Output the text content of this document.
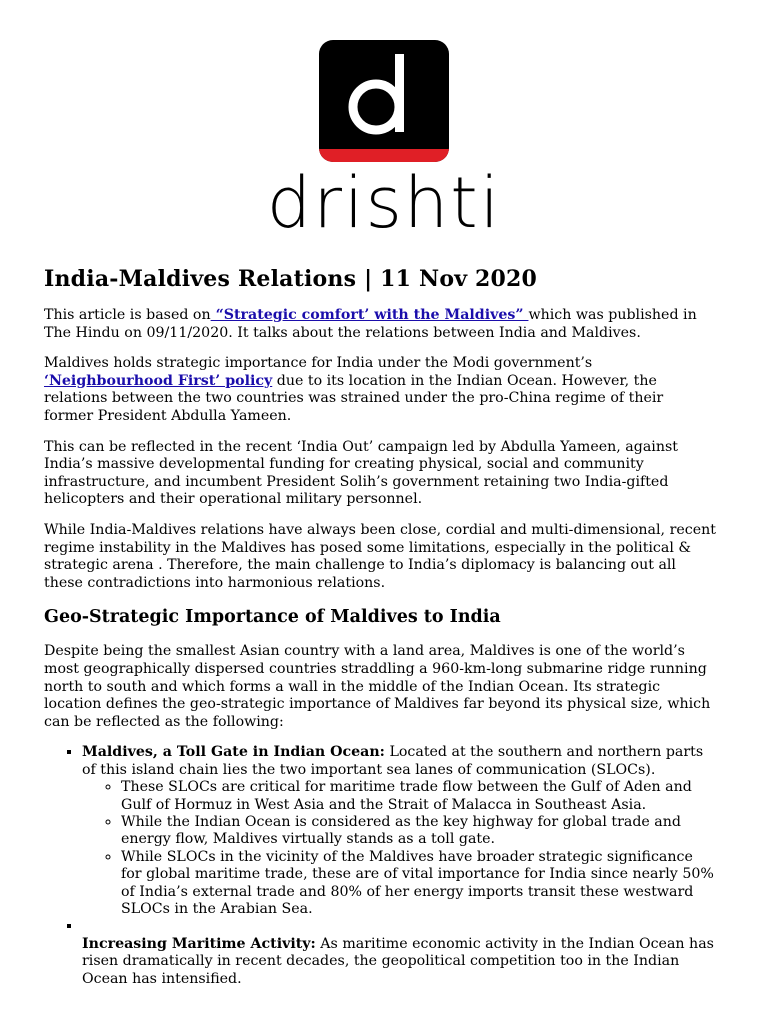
drishti
India-Maldives Relations | 11 Nov 2020

This article is based on “Strategic comfort’ with the Maldives” which was published in The Hindu on 09/11/2020. It talks about the relations between India and Maldives.

Maldives holds strategic importance for India under the Modi government’s ‘Neighbourhood First’ policy due to its location in the Indian Ocean. However, the relations between the two countries was strained under the pro-China regime of their former President Abdulla Yameen.

This can be reflected in the recent ‘India Out’ campaign led by Abdulla Yameen, against India’s massive developmental funding for creating physical, social and community infrastructure, and incumbent President Solih’s government retaining two India-gifted helicopters and their operational military personnel.

While India-Maldives relations have always been close, cordial and multi-dimensional, recent regime instability in the Maldives has posed some limitations, especially in the political & strategic arena . Therefore, the main challenge to India’s diplomacy is balancing out all these contradictions into harmonious relations.

Geo-Strategic Importance of Maldives to India

Despite being the smallest Asian country with a land area, Maldives is one of the world’s most geographically dispersed countries straddling a 960-km-long submarine ridge running north to south and which forms a wall in the middle of the Indian Ocean. Its strategic location defines the geo-strategic importance of Maldives far beyond its physical size, which can be reflected as the following:

▪ Maldives, a Toll Gate in Indian Ocean: Located at the southern and northern parts of this island chain lies the two important sea lanes of communication (SLOCs).
◦ These SLOCs are critical for maritime trade flow between the Gulf of Aden and Gulf of Hormuz in West Asia and the Strait of Malacca in Southeast Asia.
◦ While the Indian Ocean is considered as the key highway for global trade and energy flow, Maldives virtually stands as a toll gate.
◦ While SLOCs in the vicinity of the Maldives have broader strategic significance
for global maritime trade, these are of vital importance for India since nearly 50% of India’s external trade and 80% of her energy imports transit these westward SLOCs in the Arabian Sea.

▪ Increasing Maritime Activity: As maritime economic activity in the Indian Ocean has
risen dramatically in recent decades, the geopolitical competition too in the Indian Ocean has intensified.
